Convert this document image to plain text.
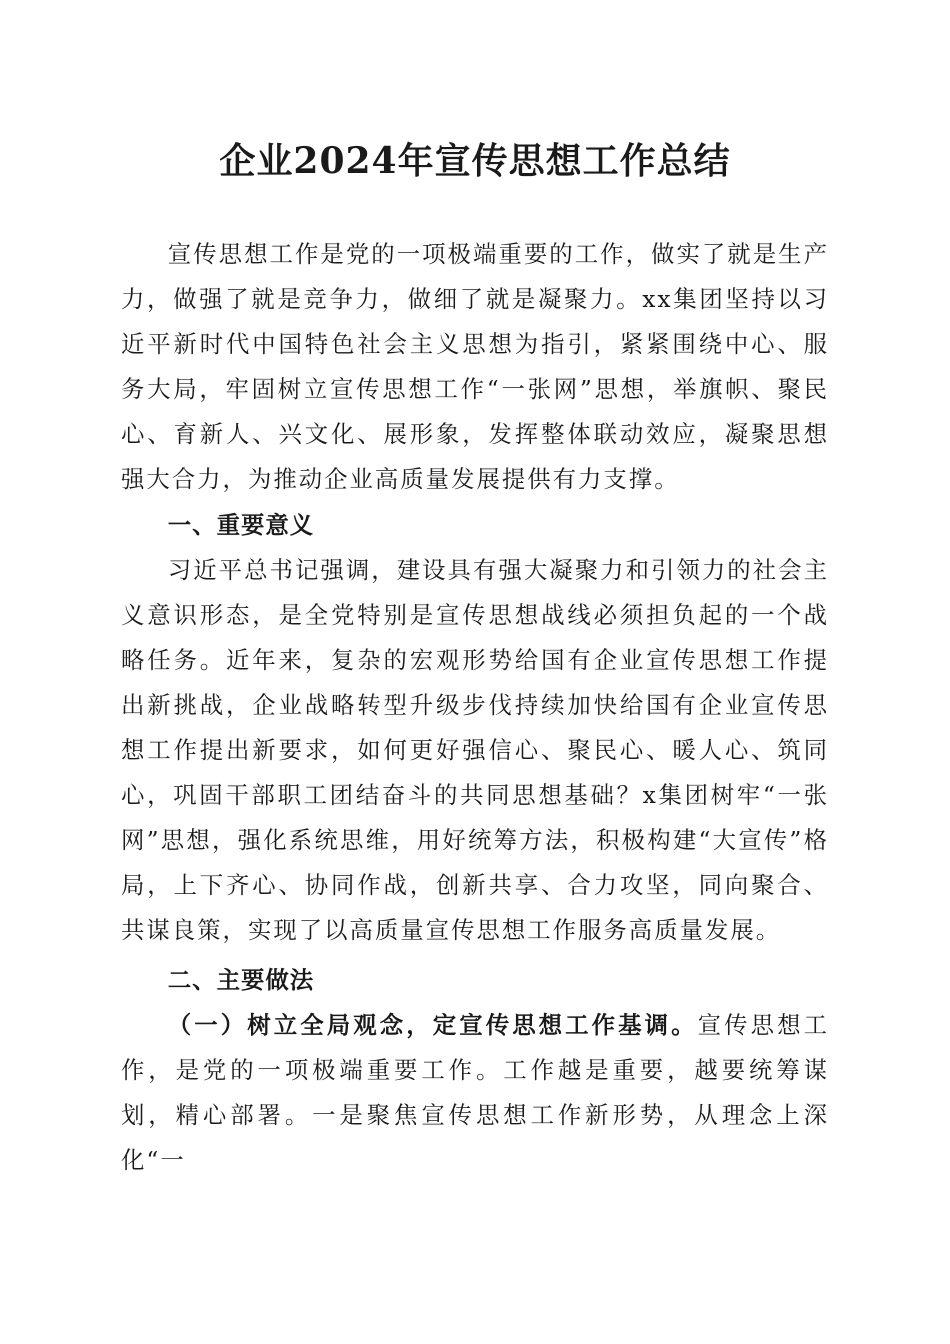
企业2024年宣传思想工作总结

宣传思想工作是党的一项极端重要的工作，做实了就是生产力，做强了就是竞争力，做细了就是凝聚力。xx集团坚持以习近平新时代中国特色社会主义思想为指引，紧紧围绕中心、服务大局，牢固树立宣传思想工作“一张网”思想，举旗帜、聚民心、育新人、兴文化、展形象，发挥整体联动效应，凝聚思想强大合力，为推动企业高质量发展提供有力支撑。

一、重要意义

习近平总书记强调，建设具有强大凝聚力和引领力的社会主义意识形态，是全党特别是宣传思想战线必须担负起的一个战略任务。近年来，复杂的宏观形势给国有企业宣传思想工作提出新挑战，企业战略转型升级步伐持续加快给国有企业宣传思想工作提出新要求，如何更好强信心、聚民心、暖人心、筑同心，巩固干部职工团结奋斗的共同思想基础？x集团树牢“一张网”思想，强化系统思维，用好统筹方法，积极构建“大宣传”格局，上下齐心、协同作战，创新共享、合力攻坚，同向聚合、共谋良策，实现了以高质量宣传思想工作服务高质量发展。

二、主要做法

（一）树立全局观念，定宣传思想工作基调。宣传思想工作，是党的一项极端重要工作。工作越是重要，越要统筹谋划，精心部署。一是聚焦宣传思想工作新形势，从理念上深化“一
